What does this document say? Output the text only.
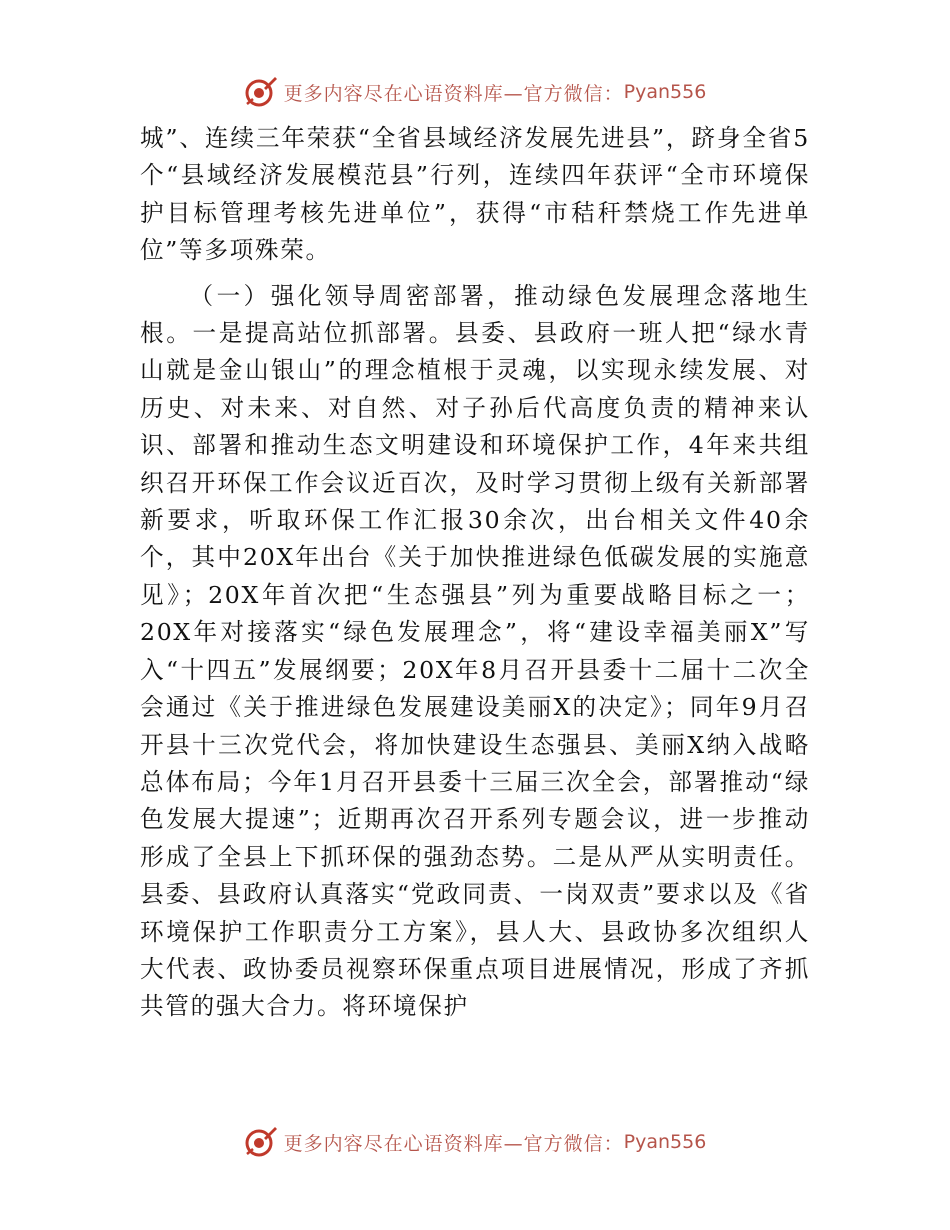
更多内容尽在心语资料库—官方微信： Pyan556

城”、连续三年荣获“全省县域经济发展先进县”，跻身全省5个“县域经济发展模范县”行列，连续四年获评“全市环境保护目标管理考核先进单位”，获得“市秸秆禁烧工作先进单位”等多项殊荣。

（一）强化领导周密部署，推动绿色发展理念落地生根。一是提高站位抓部署。县委、县政府一班人把“绿水青山就是金山银山”的理念植根于灵魂，以实现永续发展、对历史、对未来、对自然、对子孙后代高度负责的精神来认识、部署和推动生态文明建设和环境保护工作，4年来共组织召开环保工作会议近百次，及时学习贯彻上级有关新部署新要求，听取环保工作汇报30余次，出台相关文件40余个，其中20X年出台《关于加快推进绿色低碳发展的实施意见》；20X年首次把“生态强县”列为重要战略目标之一；20X年对接落实“绿色发展理念”，将“建设幸福美丽X”写入“十四五”发展纲要；20X年8月召开县委十二届十二次全会通过《关于推进绿色发展建设美丽X的决定》；同年9月召开县十三次党代会，将加快建设生态强县、美丽X纳入战略总体布局；今年1月召开县委十三届三次全会，部署推动“绿色发展大提速”；近期再次召开系列专题会议，进一步推动形成了全县上下抓环保的强劲态势。二是从严从实明责任。县委、县政府认真落实“党政同责、一岗双责”要求以及《省环境保护工作职责分工方案》，县人大、县政协多次组织人大代表、政协委员视察环保重点项目进展情况，形成了齐抓共管的强大合力。将环境保护

更多内容尽在心语资料库—官方微信： Pyan556
